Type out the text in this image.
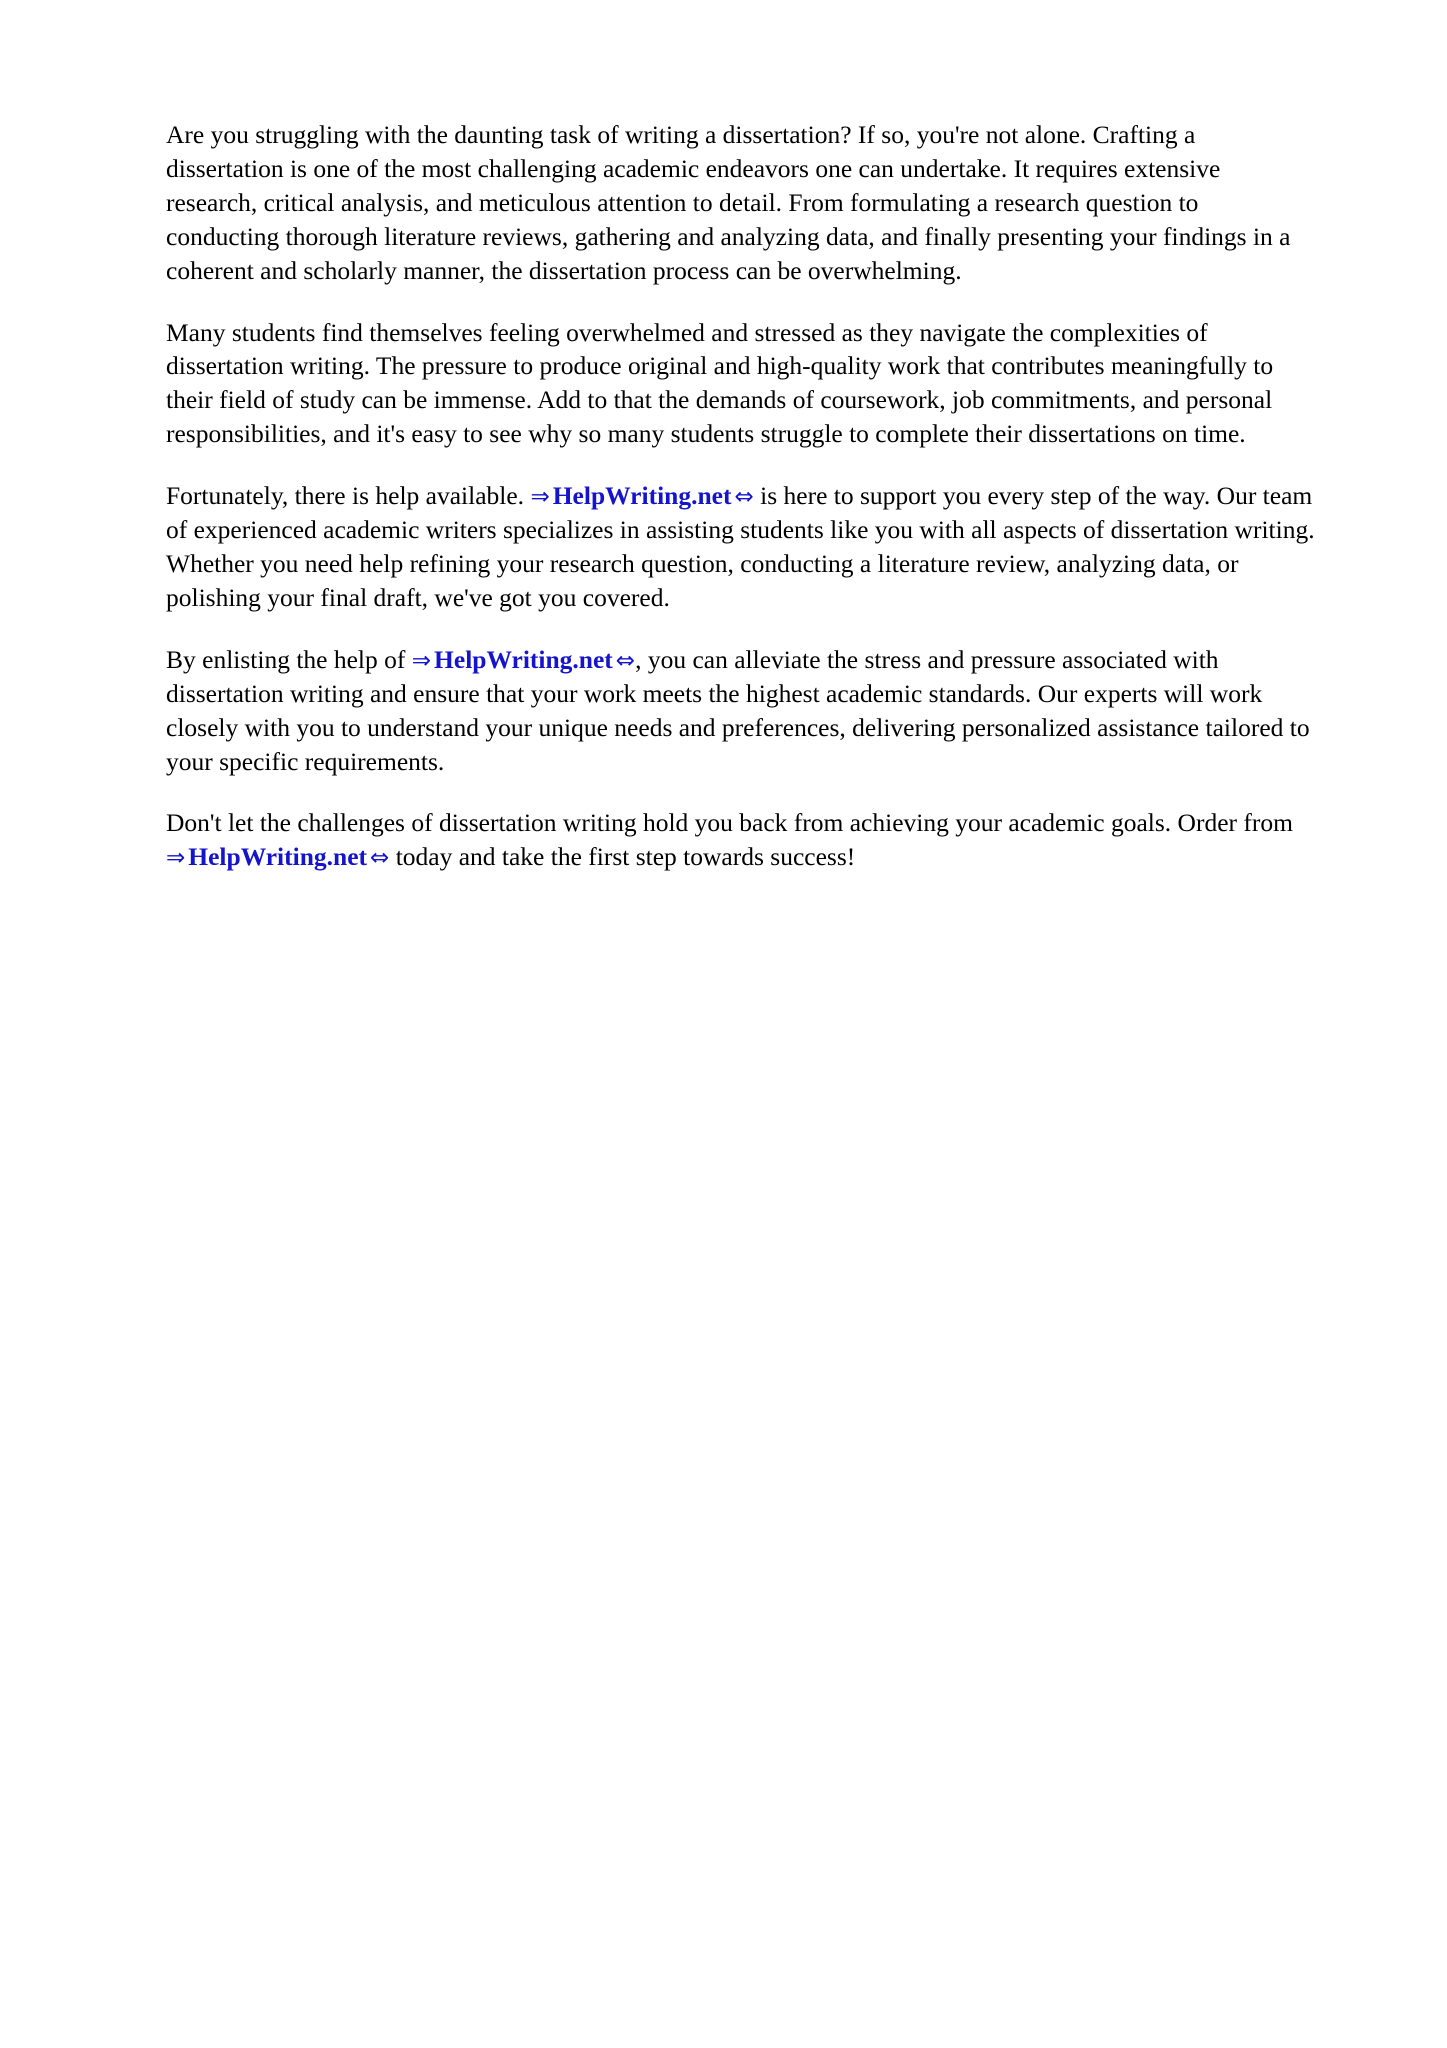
Are you struggling with the daunting task of writing a dissertation? If so, you're not alone. Crafting a dissertation is one of the most challenging academic endeavors one can undertake. It requires extensive research, critical analysis, and meticulous attention to detail. From formulating a research question to conducting thorough literature reviews, gathering and analyzing data, and finally presenting your findings in a coherent and scholarly manner, the dissertation process can be overwhelming.

Many students find themselves feeling overwhelmed and stressed as they navigate the complexities of dissertation writing. The pressure to produce original and high-quality work that contributes meaningfully to their field of study can be immense. Add to that the demands of coursework, job commitments, and personal responsibilities, and it's easy to see why so many students struggle to complete their dissertations on time.

Fortunately, there is help available. ⇒ HelpWriting.net ⇔ is here to support you every step of the way. Our team of experienced academic writers specializes in assisting students like you with all aspects of dissertation writing. Whether you need help refining your research question, conducting a literature review, analyzing data, or polishing your final draft, we've got you covered.

By enlisting the help of ⇒ HelpWriting.net ⇔, you can alleviate the stress and pressure associated with dissertation writing and ensure that your work meets the highest academic standards. Our experts will work closely with you to understand your unique needs and preferences, delivering personalized assistance tailored to your specific requirements.

Don't let the challenges of dissertation writing hold you back from achieving your academic goals. Order from ⇒ HelpWriting.net ⇔ today and take the first step towards success!
